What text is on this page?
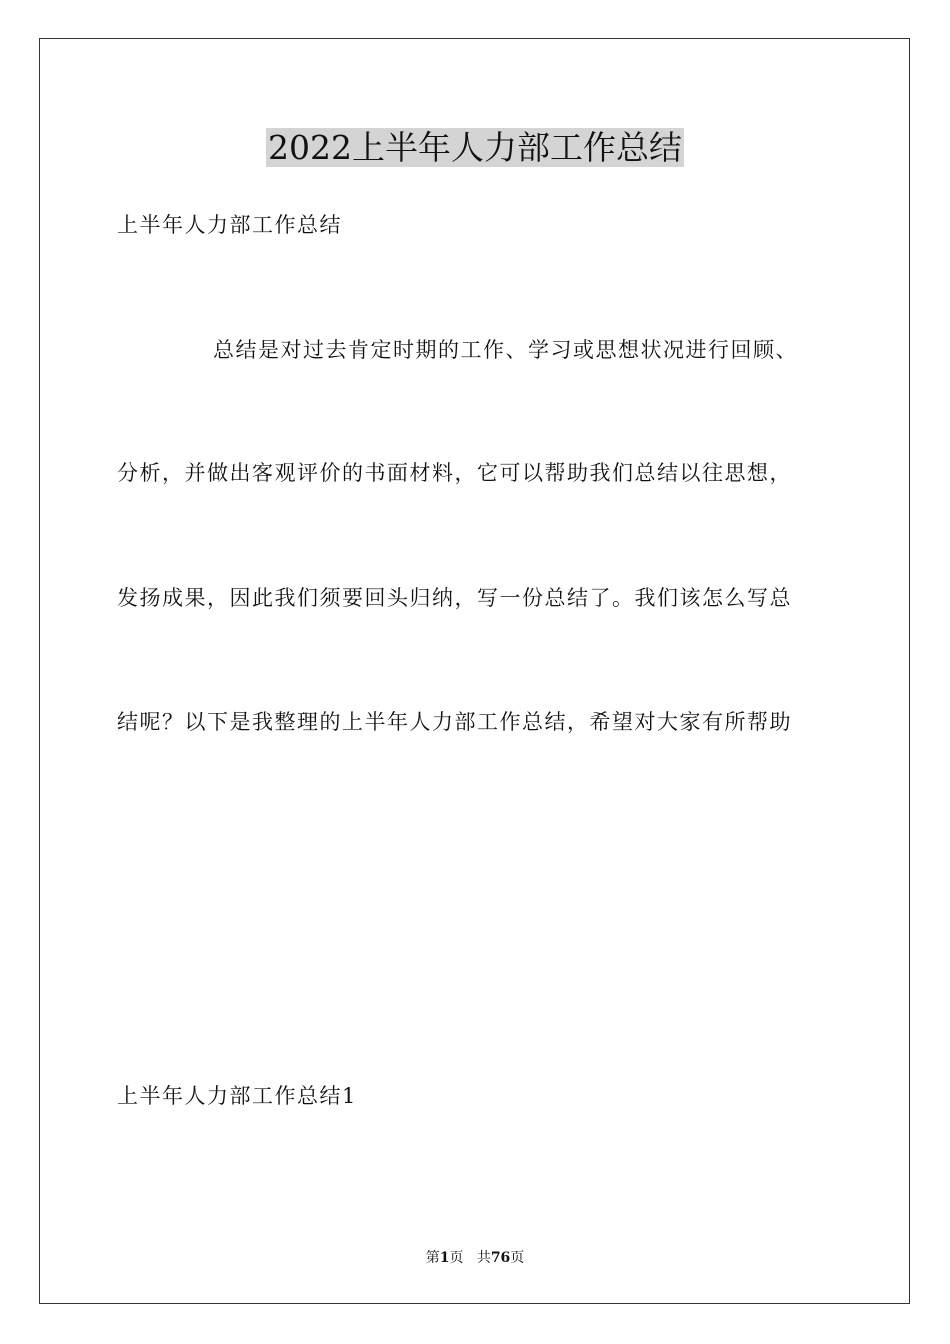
2022上半年人力部工作总结

上半年人力部工作总结

总结是对过去肯定时期的工作、学习或思想状况进行回顾、

分析，并做出客观评价的书面材料，它可以帮助我们总结以往思想，

发扬成果，因此我们须要回头归纳，写一份总结了。我们该怎么写总

结呢？以下是我整理的上半年人力部工作总结，希望对大家有所帮助

上半年人力部工作总结1

第1页 共76页
